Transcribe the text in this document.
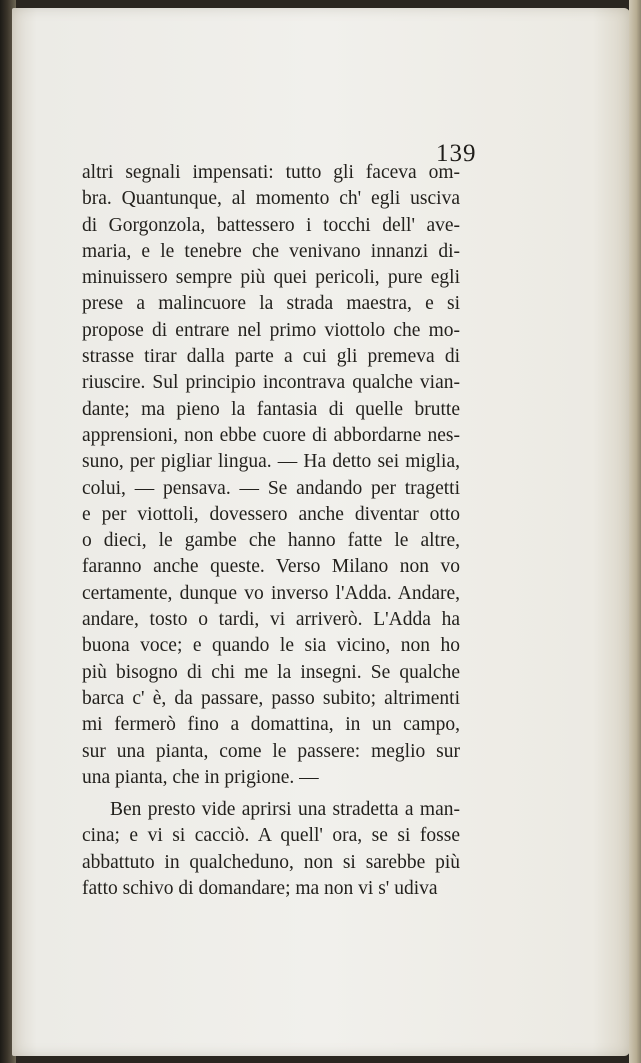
139
altri segnali impensati: tutto gli faceva om-
bra. Quantunque, al momento ch' egli usciva
di Gorgonzola, battessero i tocchi dell' ave-
maria, e le tenebre che venivano innanzi di-
minuissero sempre più quei pericoli, pure egli
prese a malincuore la strada maestra, e si
propose di entrare nel primo viottolo che mo-
strasse tirar dalla parte a cui gli premeva di
riuscire. Sul principio incontrava qualche vian-
dante; ma pieno la fantasia di quelle brutte
apprensioni, non ebbe cuore di abbordarne nes-
suno, per pigliar lingua. — Ha detto sei miglia,
colui, — pensava. — Se andando per tragetti
e per viottoli, dovessero anche diventar otto
o dieci, le gambe che hanno fatte le altre,
faranno anche queste. Verso Milano non vo
certamente, dunque vo inverso l'Adda. Andare,
andare, tosto o tardi, vi arriverò. L'Adda ha
buona voce; e quando le sia vicino, non ho
più bisogno di chi me la insegni. Se qualche
barca c' è, da passare, passo subito; altrimenti
mi fermerò fino a domattina, in un campo,
sur una pianta, come le passere: meglio sur
una pianta, che in prigione. —
Ben presto vide aprirsi una stradetta a man-
cina; e vi si cacciò. A quell' ora, se si fosse
abbattuto in qualcheduno, non si sarebbe più
fatto schivo di domandare; ma non vi s' udiva
